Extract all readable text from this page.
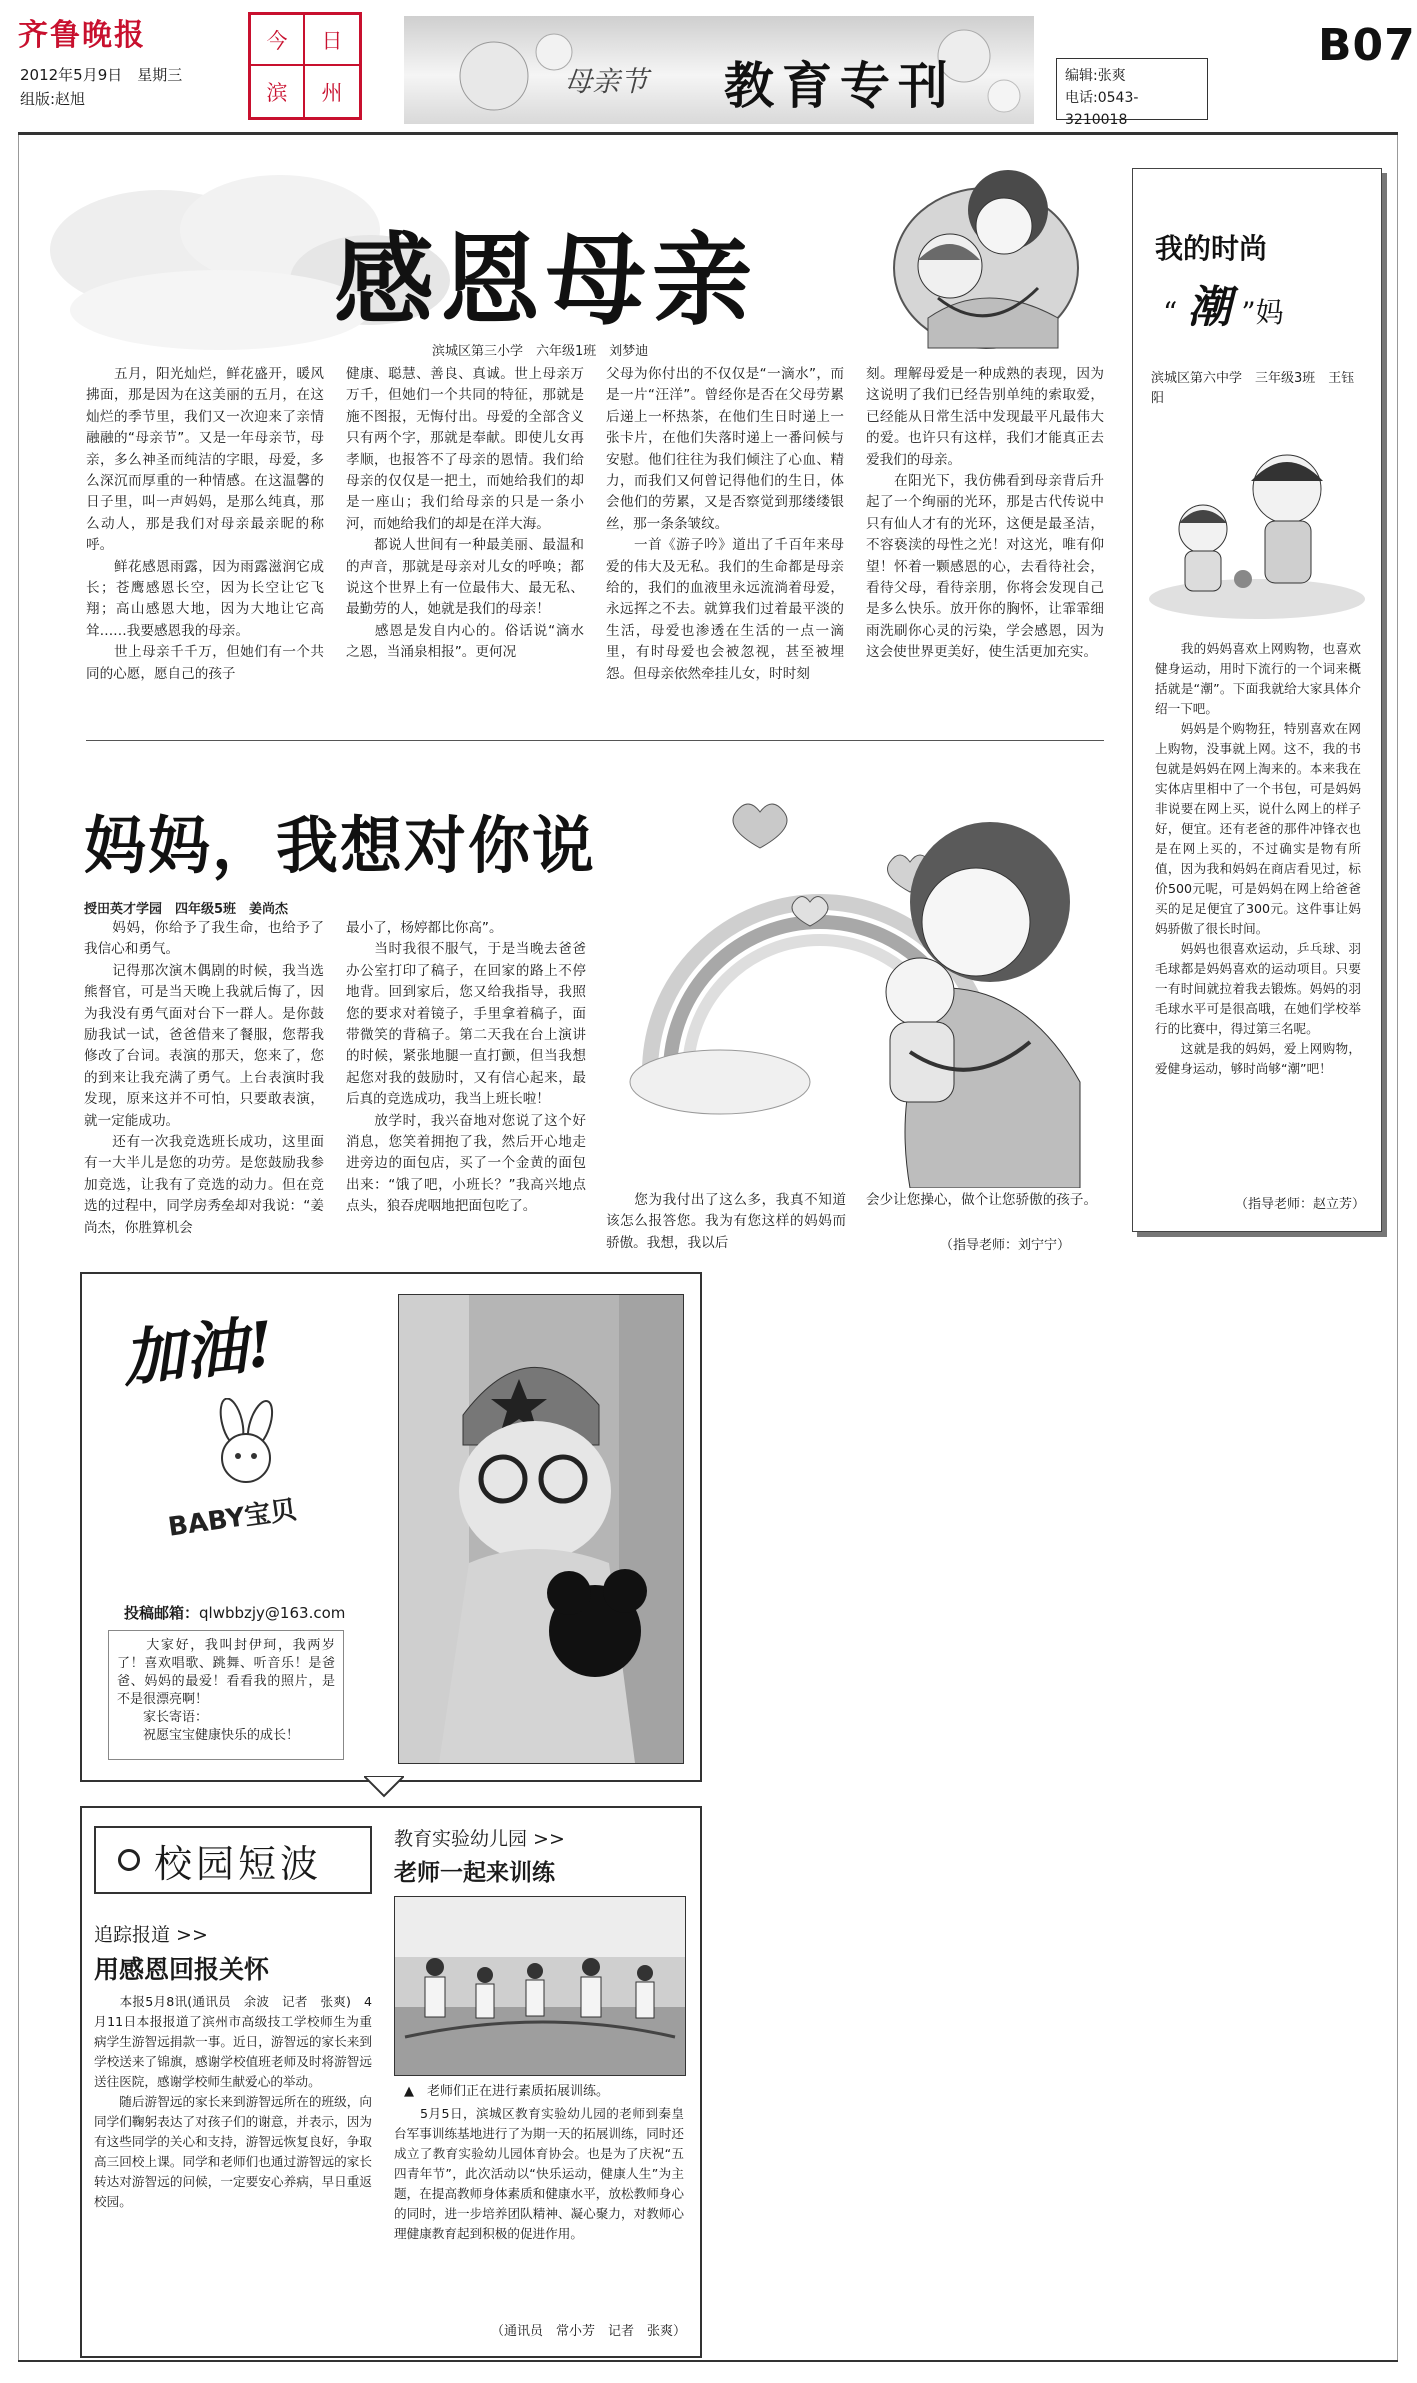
齐鲁晚报
2012年5月9日　星期三
组版:赵旭
今	日
滨	州	母亲节 教育专刊	编辑:张爽
电话:0543-3210018
B07
感恩母亲
滨城区第三小学　六年级1班　刘梦迪
　　五月，阳光灿烂，鲜花盛开，暖风拂面，那是因为在这美丽的五月，在这灿烂的季节里，我们又一次迎来了亲情融融的“母亲节”。又是一年母亲节，母亲，多么神圣而纯洁的字眼，母爱，多么深沉而厚重的一种情感。在这温馨的日子里，叫一声妈妈，是那么纯真，那么动人，那是我们对母亲最亲昵的称呼。
　　鲜花感恩雨露，因为雨露滋润它成长；苍鹰感恩长空，因为长空让它飞翔；高山感恩大地，因为大地让它高耸……我要感恩我的母亲。
　　世上母亲千千万，但她们有一个共同的心愿，愿自己的孩子
健康、聪慧、善良、真诚。世上母亲万万千，但她们一个共同的特征，那就是施不图报，无悔付出。母爱的全部含义只有两个字，那就是奉献。即使儿女再孝顺，也报答不了母亲的恩情。我们给母亲的仅仅是一把土，而她给我们的却是一座山；我们给母亲的只是一条小河，而她给我们的却是在洋大海。
　　都说人世间有一种最美丽、最温和的声音，那就是母亲对儿女的呼唤；都说这个世界上有一位最伟大、最无私、最勤劳的人，她就是我们的母亲！
　　感恩是发自内心的。俗话说“滴水之恩，当涌泉相报”。更何况
父母为你付出的不仅仅是“一滴水”，而是一片“汪洋”。曾经你是否在父母劳累后递上一杯热茶，在他们生日时递上一张卡片，在他们失落时递上一番问候与安慰。他们往往为我们倾注了心血、精力，而我们又何曾记得他们的生日，体会他们的劳累，又是否察觉到那缕缕银丝，那一条条皱纹。
　　一首《游子吟》道出了千百年来母爱的伟大及无私。我们的生命都是母亲给的，我们的血液里永远流淌着母爱，永远挥之不去。就算我们过着最平淡的生活，母爱也渗透在生活的一点一滴里，有时母爱也会被忽视，甚至被埋怨。但母亲依然牵挂儿女，时时刻
刻。理解母爱是一种成熟的表现，因为这说明了我们已经告别单纯的索取爱，已经能从日常生活中发现最平凡最伟大的爱。也许只有这样，我们才能真正去爱我们的母亲。
　　在阳光下，我仿佛看到母亲背后升起了一个绚丽的光环，那是古代传说中只有仙人才有的光环，这便是最圣洁，不容亵渎的母性之光！对这光，唯有仰望！怀着一颗感恩的心，去看待社会，看待父母，看待亲朋，你将会发现自己是多么快乐。放开你的胸怀，让霏霏细雨洗刷你心灵的污染，学会感恩，因为这会使世界更美好，使生活更加充实。
我的时尚
“ 潮 ”妈
滨城区第六中学　三年级3班　王钰阳
　　我的妈妈喜欢上网购物，也喜欢健身运动，用时下流行的一个词来概括就是“潮”。下面我就给大家具体介绍一下吧。
　　妈妈是个购物狂，特别喜欢在网上购物，没事就上网。这不，我的书包就是妈妈在网上淘来的。本来我在实体店里相中了一个书包，可是妈妈非说要在网上买，说什么网上的样子好，便宜。还有老爸的那件冲锋衣也是在网上买的，不过确实是物有所值，因为我和妈妈在商店看见过，标价500元呢，可是妈妈在网上给爸爸买的足足便宜了300元。这件事让妈妈骄傲了很长时间。
　　妈妈也很喜欢运动，乒乓球、羽毛球都是妈妈喜欢的运动项目。只要一有时间就拉着我去锻炼。妈妈的羽毛球水平可是很高哦，在她们学校举行的比赛中，得过第三名呢。
　　这就是我的妈妈，爱上网购物，爱健身运动，够时尚够“潮”吧！
（指导老师：赵立芳）
妈妈，我想对你说
授田英才学园　四年级5班　姜尚杰
　　妈妈，你给予了我生命，也给予了我信心和勇气。
　　记得那次演木偶剧的时候，我当选熊督官，可是当天晚上我就后悔了，因为我没有勇气面对台下一群人。是你鼓励我试一试，爸爸借来了餐服，您帮我修改了台词。表演的那天，您来了，您的到来让我充满了勇气。上台表演时我发现，原来这并不可怕，只要敢表演，就一定能成功。
　　还有一次我竞选班长成功，这里面有一大半儿是您的功劳。是您鼓励我参加竞选，让我有了竞选的动力。但在竞选的过程中，同学房秀垒却对我说：“姜尚杰，你胜算机会
最小了，杨婷都比你高”。
　　当时我很不服气，于是当晚去爸爸办公室打印了稿子，在回家的路上不停地背。回到家后，您又给我指导，我照您的要求对着镜子，手里拿着稿子，面带微笑的背稿子。第二天我在台上演讲的时候，紧张地腿一直打颤，但当我想起您对我的鼓励时，又有信心起来，最后真的竞选成功，我当上班长啦！
　　放学时，我兴奋地对您说了这个好消息，您笑着拥抱了我，然后开心地走进旁边的面包店，买了一个金黄的面包出来：“饿了吧，小班长？”我高兴地点点头，狼吞虎咽地把面包吃了。	　　您为我付出了这么多，我真不知道该怎么报答您。我为有您这样的妈妈而骄傲。我想，我以后
会少让您操心，做个让您骄傲的孩子。
（指导老师：刘宁宁）
加油!
BABY宝贝
投稿邮箱：qlwbbzjy@163.com
　　大家好，我叫封伊珂，我两岁了！喜欢唱歌、跳舞、听音乐！是爸爸、妈妈的最爱！看看我的照片，是不是很漂亮啊！
　　家长寄语：
　　祝愿宝宝健康快乐的成长！
校园短波
追踪报道 >>
用感恩回报关怀
　　本报5月8讯(通讯员　余波　记者　张爽)　4月11日本报报道了滨州市高级技工学校师生为重病学生游智远捐款一事。近日，游智远的家长来到学校送来了锦旗，感谢学校值班老师及时将游智远送往医院，感谢学校师生献爱心的举动。
　　随后游智远的家长来到游智远所在的班级，向同学们鞠躬表达了对孩子们的谢意，并表示，因为有这些同学的关心和支持，游智远恢复良好，争取高三回校上课。同学和老师们也通过游智远的家长转达对游智远的问候，一定要安心养病，早日重返校园。
教育实验幼儿园 >>
老师一起来训练
▲　老师们正在进行素质拓展训练。
　　5月5日，滨城区教育实验幼儿园的老师到秦皇台军事训练基地进行了为期一天的拓展训练，同时还成立了教育实验幼儿园体育协会。也是为了庆祝“五四青年节”，此次活动以“快乐运动，健康人生”为主题，在提高教师身体素质和健康水平，放松教师身心的同时，进一步培养团队精神、凝心聚力，对教师心理健康教育起到积极的促进作用。
（通讯员　常小芳　记者　张爽）
